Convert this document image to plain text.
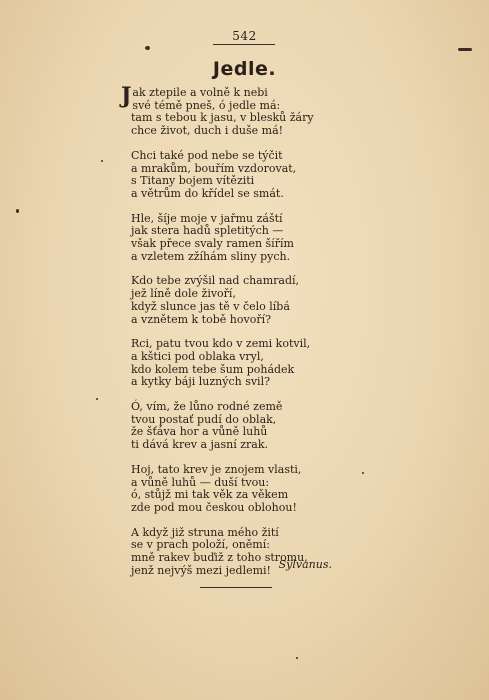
542
Jedle.
J ak ztepile a volně k nebi
své témě pneš, ó jedle má:
tam s tebou k jasu, v blesků žáry
chce život, duch i duše má!
Chci také pod nebe se týčit
a mrakům, bouřím vzdorovat,
s Titany bojem vítěziti
a větrům do křídel se smát.
Hle, šíje moje v jařmu záští
jak stera hadů spletitých —
však přece svaly ramen šířím
a vzletem zžíhám sliny pych.
Kdo tebe zvýšil nad chamradí,
jež líně dole živoří,
když slunce jas tě v čelo líbá
a vznětem k tobě hovoří?
Rci, patu tvou kdo v zemi kotvil,
a kštici pod oblaka vryl,
kdo kolem tebe šum pohádek
a kytky báji luzných svil?
Ó, vím, že lůno rodné země
tvou postať pudí do oblak,
že šťáva hor a vůně luhů
ti dává krev a jasní zrak.
Hoj, tato krev je znojem vlasti,
a vůně luhů — duší tvou:
ó, stůjž mi tak věk za věkem
zde pod mou českou oblohou!
A když již struna mého žití
se v prach položí, oněmí:
mně rakev buďiž z toho stromu,
jenž nejvýš mezi jedlemi! Sylvanus.
